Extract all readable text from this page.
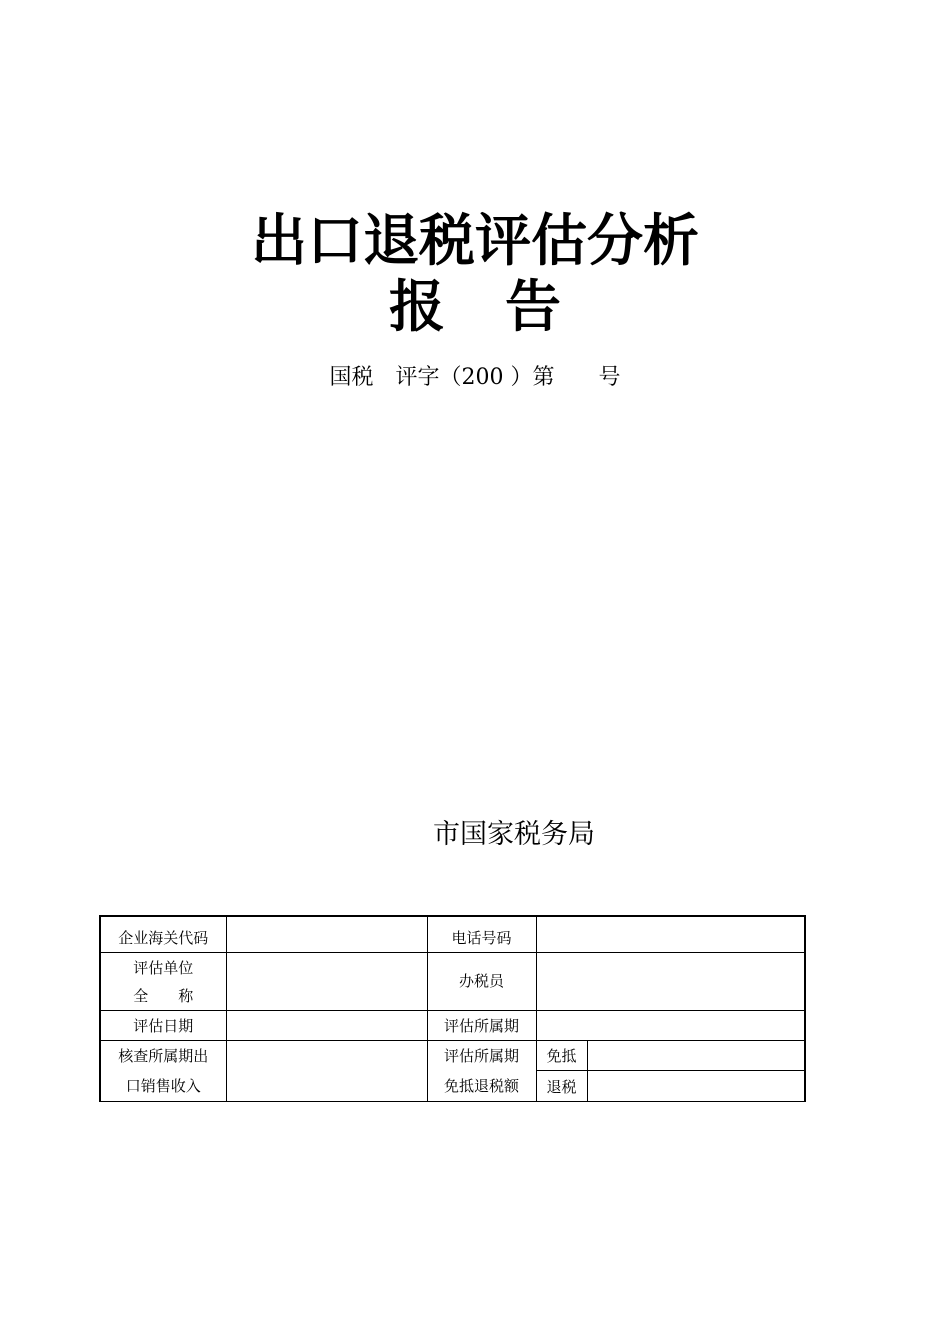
出口退税评估分析
报告
国税　评字（200 ）第　　号
市国家税务局
企业海关代码		电话号码		

评估单位
全　　称		办税员		
评估日期		评估所属期		

核查所属期出
口销售收入		评估所属期
免抵退税额	免抵	
			退税	
